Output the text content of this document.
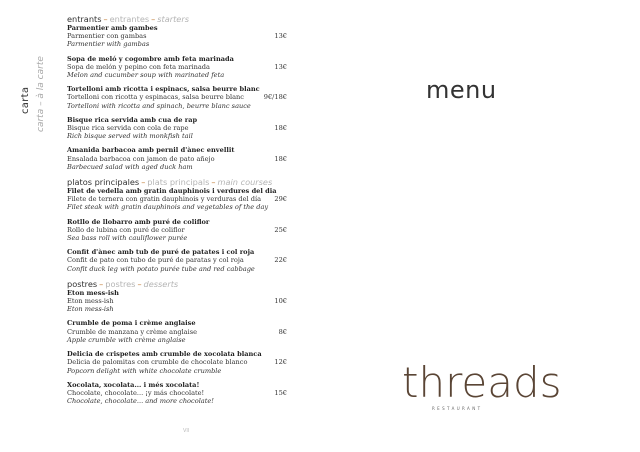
carta carta – à la carte
entrants – entrantes – starters
Parmentier amb gambes
Parmentier con gambas
Parmentier with gambas
13€
Sopa de meló y cogombre amb feta marinada
Sopa de melón y pepino con feta marinada
Melon and cucumber soup with marinated feta
13€
Tortelloni amb ricotta i espinacs, salsa beurre blanc
Tortelloni con ricotta y espinacas, salsa beurre blanc
Tortelloni with ricotta and spinach, beurre blanc sauce
9€/18€
Bisque rica servida amb cua de rap
Bisque rica servida con cola de rape
Rich bisque served with monkfish tail
18€
Amanida barbacoa amb pernil d'ànec envellit
Ensalada barbacoa con jamon de pato añejo
Barbecued salad with aged duck ham
18€
platos principales – plats principals – main courses
Filet de vedella amb gratin dauphinois i verdures del dia
Filete de ternera con gratin dauphinois y verduras del día
Filet steak with gratin dauphinois and vegetables of the day
29€
Rotllo de llobarro amb puré de coliflor
Rollo de lubina con puré de coliflor
Sea bass roll with cauliflower purée
25€
Confit d'ànec amb tub de puré de patates i col roja
Confit de pato con tubo de puré de paratas y col roja
Confit duck leg with potato purée tube and red cabbage
22€
postres – postres – desserts
Eton mess-ish
Eton mess-ish
Eton mess-ish
10€
Crumble de poma i crème anglaise
Crumble de manzana y crème anglaise
Apple crumble with crème anglaise
8€
Delicia de crispetes amb crumble de xocolata blanca
Delicia de palomitas con crumble de chocolate blanco
Popcorn delight with white chocolate crumble
12€
Xocolata, xocolata... i més xocolata!
Chocolate, chocolate... ¡y más chocolate!
Chocolate, chocolate... and more chocolate!
15€
VII
menu
threads
RESTAURANT
